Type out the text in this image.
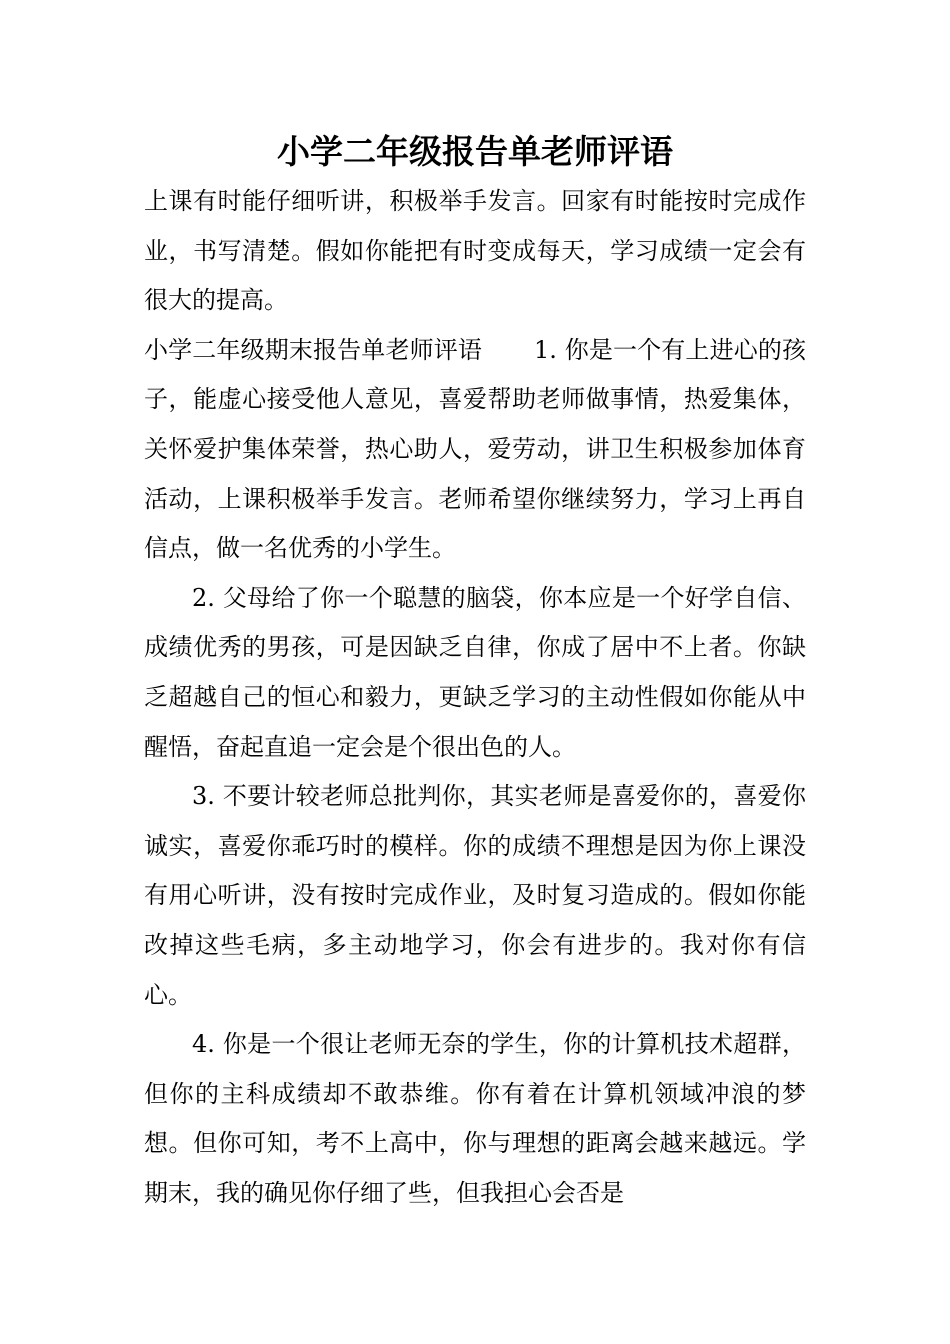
小学二年级报告单老师评语

上课有时能仔细听讲，积极举手发言。回家有时能按时完成作业，书写清楚。假如你能把有时变成每天，学习成绩一定会有很大的提高。

小学二年级期末报告单老师评语 1. 你是一个有上进心的孩子，能虚心接受他人意见，喜爱帮助老师做事情，热爱集体，关怀爱护集体荣誉，热心助人，爱劳动，讲卫生积极参加体育活动，上课积极举手发言。老师希望你继续努力，学习上再自信点，做一名优秀的小学生。

2. 父母给了你一个聪慧的脑袋，你本应是一个好学自信、成绩优秀的男孩，可是因缺乏自律，你成了居中不上者。你缺乏超越自己的恒心和毅力，更缺乏学习的主动性假如你能从中醒悟，奋起直追一定会是个很出色的人。

3. 不要计较老师总批判你，其实老师是喜爱你的，喜爱你诚实，喜爱你乖巧时的模样。你的成绩不理想是因为你上课没有用心听讲，没有按时完成作业，及时复习造成的。假如你能改掉这些毛病，多主动地学习，你会有进步的。我对你有信心。

4. 你是一个很让老师无奈的学生，你的计算机技术超群，但你的主科成绩却不敢恭维。你有着在计算机领域冲浪的梦想。但你可知，考不上高中，你与理想的距离会越来越远。学期末，我的确见你仔细了些，但我担心会否是
